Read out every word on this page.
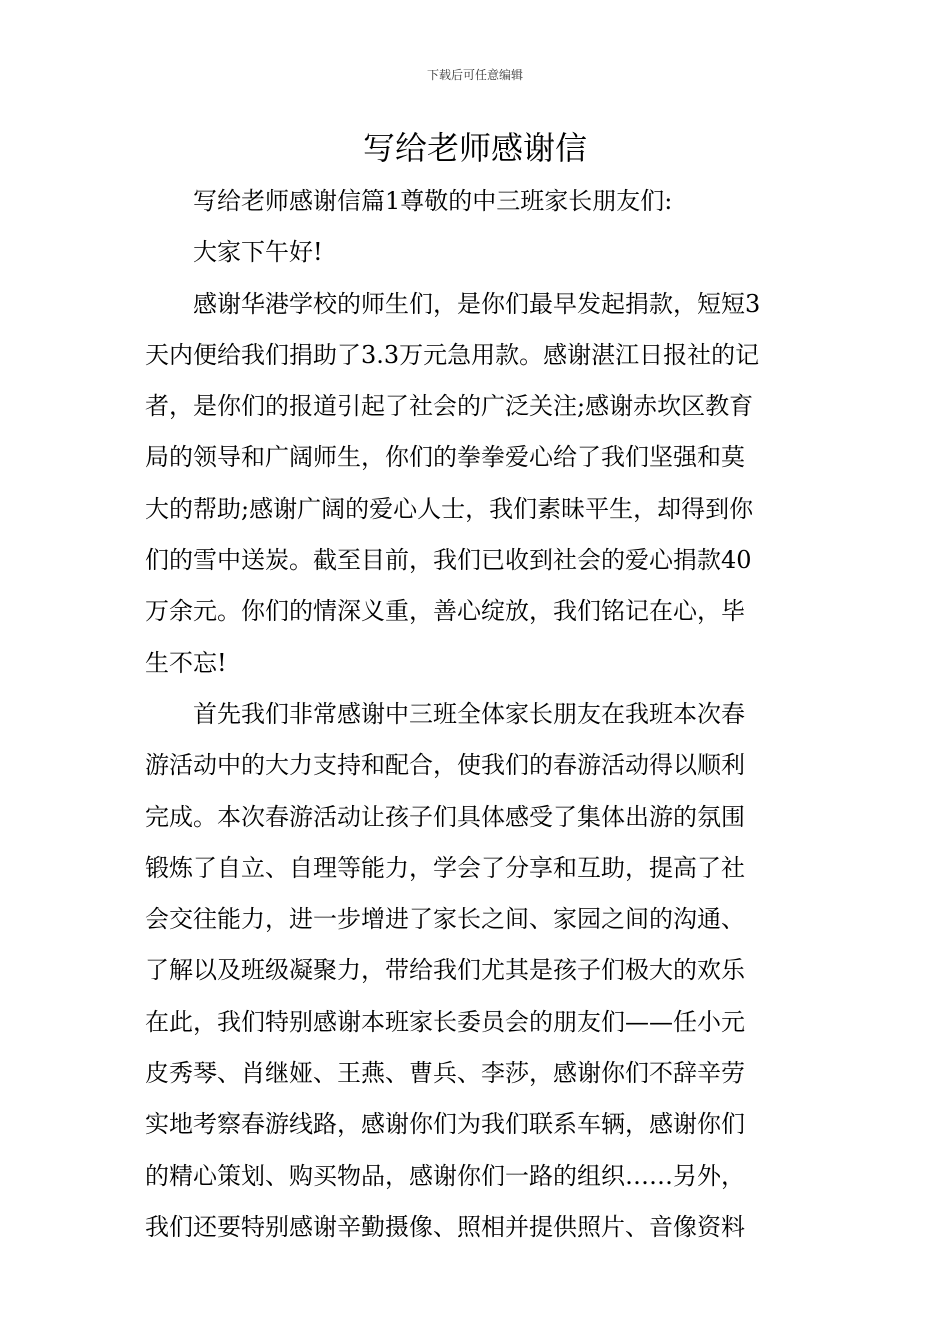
下载后可任意编辑
写给老师感谢信

写给老师感谢信篇1尊敬的中三班家长朋友们:

大家下午好!

感谢华港学校的师生们，是你们最早发起捐款，短短3
天内便给我们捐助了3.3万元急用款。感谢湛江日报社的记
者，是你们的报道引起了社会的广泛关注;感谢赤坎区教育
局的领导和广阔师生，你们的拳拳爱心给了我们坚强和莫
大的帮助;感谢广阔的爱心人士，我们素昧平生，却得到你
们的雪中送炭。截至目前，我们已收到社会的爱心捐款40
万余元。你们的情深义重，善心绽放，我们铭记在心，毕
生不忘!

首先我们非常感谢中三班全体家长朋友在我班本次春
游活动中的大力支持和配合，使我们的春游活动得以顺利
完成。本次春游活动让孩子们具体感受了集体出游的氛围
锻炼了自立、自理等能力，学会了分享和互助，提高了社
会交往能力，进一步增进了家长之间、家园之间的沟通、
了解以及班级凝聚力，带给我们尤其是孩子们极大的欢乐
在此，我们特别感谢本班家长委员会的朋友们——任小元
皮秀琴、肖继娅、王燕、曹兵、李莎，感谢你们不辞辛劳
实地考察春游线路，感谢你们为我们联系车辆，感谢你们
的精心策划、购买物品，感谢你们一路的组织……另外，
我们还要特别感谢辛勤摄像、照相并提供照片、音像资料
